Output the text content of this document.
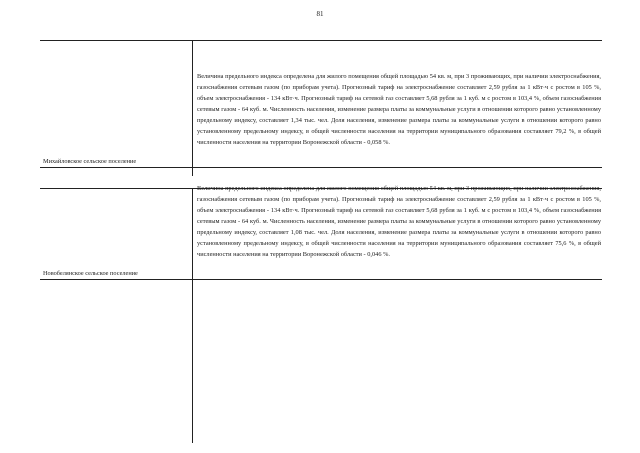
81
Михайловское сельское поселение
Величина предельного индекса определена для жилого помещения общей площадью 54 кв. м, при 3 проживающих, при наличии электроснабжения, газоснабжения сетевым газом (по приборам учета). Прогнозный тариф на электроснабжение составляет 2,59 рубля за 1 кВт·ч с ростом в 105 %, объем электроснабжения - 134 кВт·ч. Прогнозный тариф на сетевой газ составляет 5,68 рубля за 1 куб. м с ростом в 103,4 %, объем газоснабжения сетевым газом - 64 куб. м. Численность населения, изменение размера платы за коммунальные услуги в отношении которого равно установленному предельному индексу, составляет 1,34 тыс. чел. Доля населения, изменение размера платы за коммунальные услуги в отношении которого равно установленному предельному индексу, в общей численности населения на территории муниципального образования составляет 79,2 %, в общей численности населения на территории Воронежской области - 0,058 %.
Новобелянское сельское поселение
Величина предельного индекса определена для жилого помещения общей площадью 54 кв. м, при 3 проживающих, при наличии электроснабжения, газоснабжения сетевым газом (по приборам учета). Прогнозный тариф на электроснабжение составляет 2,59 рубля за 1 кВт·ч с ростом в 105 %, объем электроснабжения - 134 кВт·ч. Прогнозный тариф на сетевой газ составляет 5,68 рубля за 1 куб. м с ростом в 103,4 %, объем газоснабжения сетевым газом - 64 куб. м. Численность населения, изменение размера платы за коммунальные услуги в отношении которого равно установленному предельному индексу, составляет 1,08 тыс. чел. Доля населения, изменение размера платы за коммунальные услуги в отношении которого равно установленному предельному индексу, в общей численности населения на территории муниципального образования составляет 75,6 %, в общей численности населения на территории Воронежской области - 0,046 %.
